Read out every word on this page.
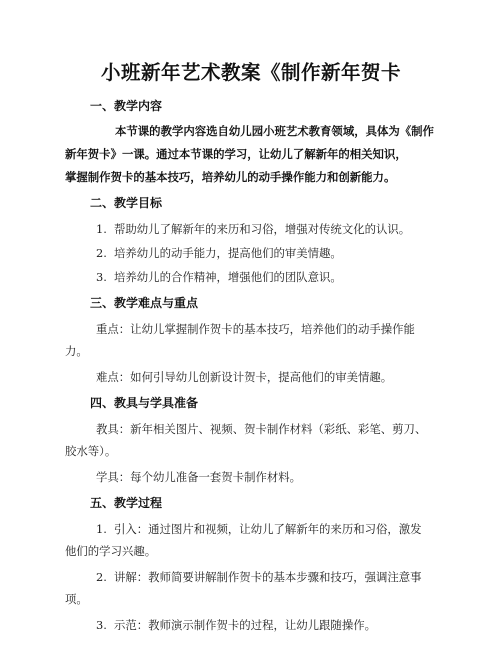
小班新年艺术教案《制作新年贺卡
一、教学内容
本节课的教学内容选自幼儿园小班艺术教育领域，具体为《制作
新年贺卡》一课。通过本节课的学习，让幼儿了解新年的相关知识，
掌握制作贺卡的基本技巧，培养幼儿的动手操作能力和创新能力。
二、教学目标
1. 帮助幼儿了解新年的来历和习俗，增强对传统文化的认识。
2. 培养幼儿的动手能力，提高他们的审美情趣。
3. 培养幼儿的合作精神，增强他们的团队意识。
三、教学难点与重点
重点：让幼儿掌握制作贺卡的基本技巧，培养他们的动手操作能
力。
难点：如何引导幼儿创新设计贺卡，提高他们的审美情趣。
四、教具与学具准备
教具：新年相关图片、视频、贺卡制作材料（彩纸、彩笔、剪刀、
胶水等）。
学具：每个幼儿准备一套贺卡制作材料。
五、教学过程
1. 引入：通过图片和视频，让幼儿了解新年的来历和习俗，激发
他们的学习兴趣。
2. 讲解：教师简要讲解制作贺卡的基本步骤和技巧，强调注意事
项。
3. 示范：教师演示制作贺卡的过程，让幼儿跟随操作。
